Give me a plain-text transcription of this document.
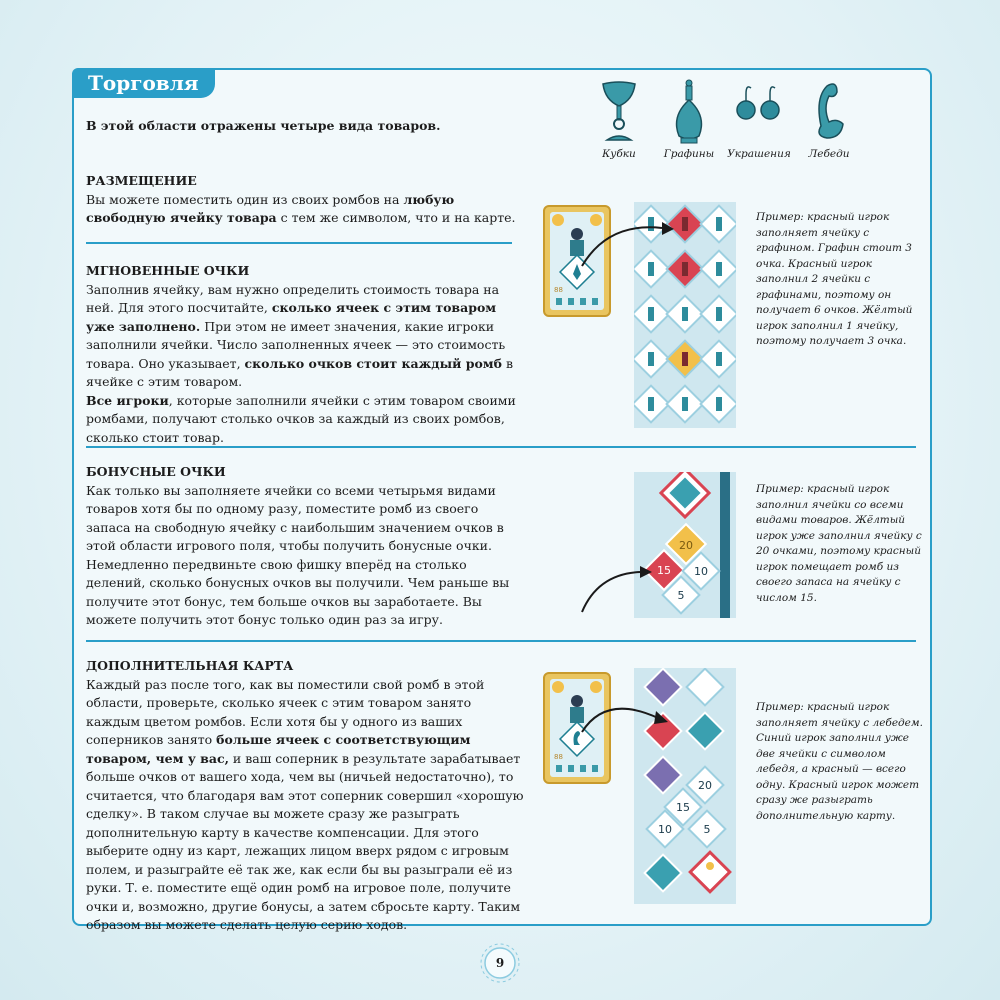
Торговля
В этой области отражены четыре вида товаров.
Кубки	Графины	Украшения	Лебеди
РАЗМЕЩЕНИЕ
Вы можете поместить один из своих ромбов на любую свободную ячейку товара с тем же символом, что и на карте.
МГНОВЕННЫЕ ОЧКИ
Заполнив ячейку, вам нужно определить стоимость товара на ней. Для этого посчитайте, сколько ячеек с этим товаром уже заполнено. При этом не имеет значения, какие игроки заполнили ячейки. Число заполненных ячеек — это стоимость товара. Оно указывает, сколько очков стоит каждый ромб в ячейке с этим товаром.
Все игроки, которые заполнили ячейки с этим товаром своими ромбами, получают столько очков за каждый из своих ромбов, сколько стоит товар.
Пример: красный игрок заполняет ячейку с графином. Графин стоит 3 очка. Красный игрок заполнил 2 ячейки с графинами, поэтому он получает 6 очков. Жёлтый игрок заполнил 1 ячейку, поэтому получает 3 очка.
88
БОНУСНЫЕ ОЧКИ
Как только вы заполняете ячейки со всеми четырьмя видами товаров хотя бы по одному разу, поместите ромб из своего запаса на свободную ячейку с наибольшим значением очков в этой области игрового поля, чтобы получить бонусные очки. Немедленно передвиньте свою фишку вперёд на столько делений, сколько бонусных очков вы получили. Чем раньше вы получите этот бонус, тем больше очков вы заработаете. Вы можете получить этот бонус только один раз за игру.
Пример: красный игрок заполнил ячейки со всеми видами товаров. Жёлтый игрок уже заполнил ячейку с 20 очками, поэтому красный игрок помещает ромб из своего запаса на ячейку с числом 15.
20
15 10
5
ДОПОЛНИТЕЛЬНАЯ КАРТА
Каждый раз после того, как вы поместили свой ромб в этой области, проверьте, сколько ячеек с этим товаром занято каждым цветом ромбов. Если хотя бы у одного из ваших соперников занято больше ячеек с соответствующим товаром, чем у вас, и ваш соперник в результате зарабатывает больше очков от вашего хода, чем вы (ничьей недостаточно), то считается, что благодаря вам этот соперник совершил «хорошую сделку». В таком случае вы можете сразу же разыграть дополнительную карту в качестве компенсации. Для этого выберите одну из карт, лежащих лицом вверх рядом с игровым полем, и разыграйте её так же, как если бы вы разыграли её из руки. Т. е. поместите ещё один ромб на игровое поле, получите очки и, возможно, другие бонусы, а затем сбросьте карту. Таким образом вы можете сделать целую серию ходов.
Пример: красный игрок заполняет ячейку с лебедем. Синий игрок заполнил уже две ячейки с символом лебедя, а красный — всего одну. Красный игрок может сразу же разыграть дополнительную карту.
88
20
15
10	5
9
